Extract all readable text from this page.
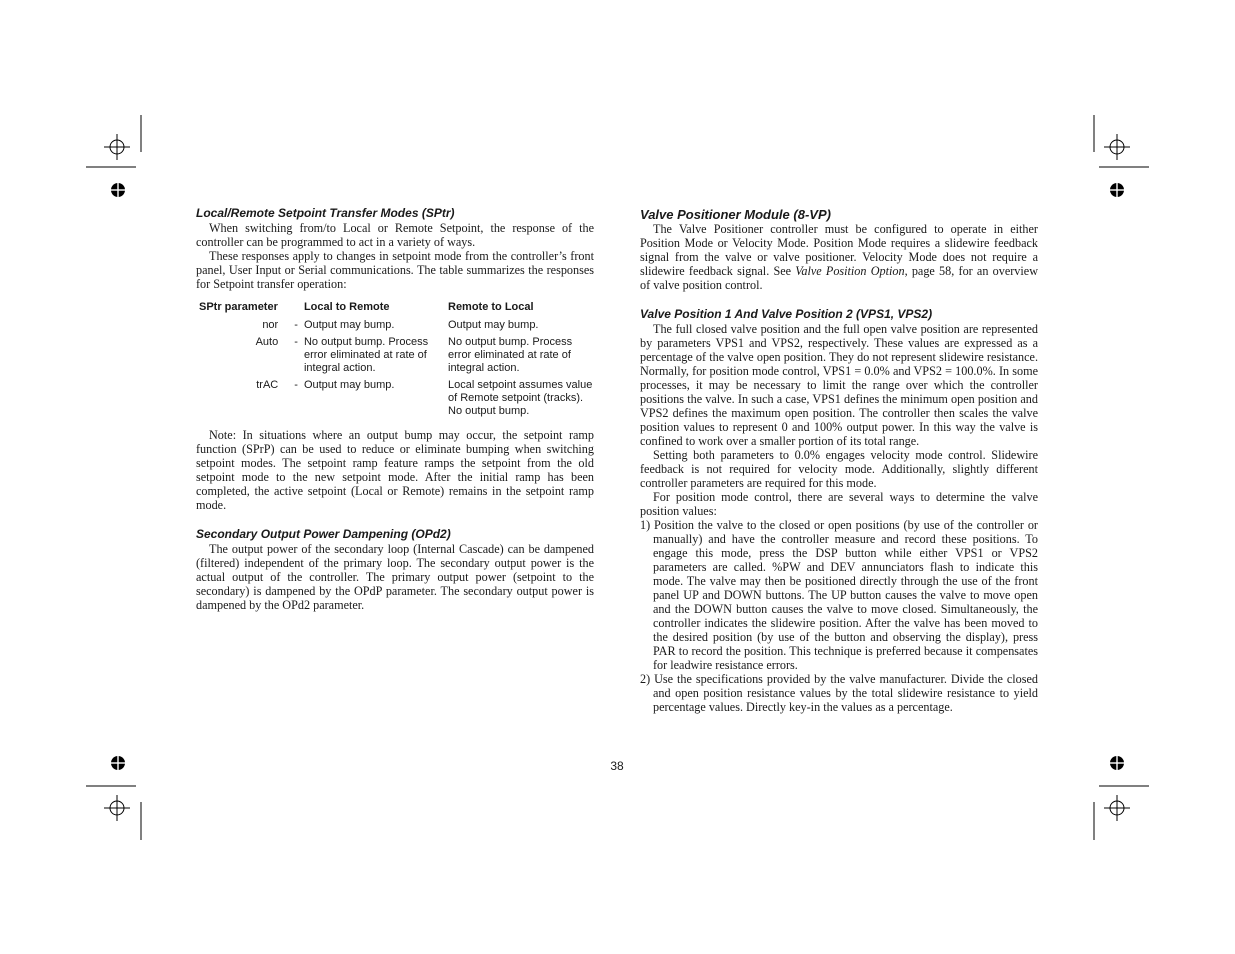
Local/Remote Setpoint Transfer Modes (SPtr)

When switching from/to Local or Remote Setpoint, the response of the controller can be programmed to act in a variety of ways.

These responses apply to changes in setpoint mode from the controller’s front panel, User Input or Serial communications. The table summarizes the responses for Setpoint transfer operation:

SPtr parameter		Local to Remote	Remote to Local
nor	-	Output may bump.	Output may bump.
Auto	-	No output bump. Process error eliminated at rate of integral action.	No output bump. Process error eliminated at rate of integral action.
trAC	-	Output may bump.	Local setpoint assumes value of Remote setpoint (tracks). No output bump.

Note: In situations where an output bump may occur, the setpoint ramp function (SPrP) can be used to reduce or eliminate bumping when switching setpoint modes. The setpoint ramp feature ramps the setpoint from the old setpoint mode to the new setpoint mode. After the initial ramp has been completed, the active setpoint (Local or Remote) remains in the setpoint ramp mode.

Secondary Output Power Dampening (OPd2)

The output power of the secondary loop (Internal Cascade) can be dampened (filtered) independent of the primary loop. The secondary output power is the actual output of the controller. The primary output power (setpoint to the secondary) is dampened by the OPdP parameter. The secondary output power is dampened by the OPd2 parameter.

Valve Positioner Module (8-VP)

The Valve Positioner controller must be configured to operate in either Position Mode or Velocity Mode. Position Mode requires a slidewire feedback signal from the valve or valve positioner. Velocity Mode does not require a slidewire feedback signal. See Valve Position Option, page 58, for an overview of valve position control.

Valve Position 1 And Valve Position 2 (VPS1, VPS2)

The full closed valve position and the full open valve position are represented by parameters VPS1 and VPS2, respectively. These values are expressed as a percentage of the valve open position. They do not represent slidewire resistance. Normally, for position mode control, VPS1 = 0.0% and VPS2 = 100.0%. In some processes, it may be necessary to limit the range over which the controller positions the valve. In such a case, VPS1 defines the minimum open position and VPS2 defines the maximum open position. The controller then scales the valve position values to represent 0 and 100% output power. In this way the valve is confined to work over a smaller portion of its total range.

Setting both parameters to 0.0% engages velocity mode control. Slidewire feedback is not required for velocity mode. Additionally, slightly different controller parameters are required for this mode.

For position mode control, there are several ways to determine the valve position values:

1) Position the valve to the closed or open positions (by use of the controller or manually) and have the controller measure and record these positions. To engage this mode, press the DSP button while either VPS1 or VPS2 parameters are called. %PW and DEV annunciators flash to indicate this mode. The valve may then be positioned directly through the use of the front panel UP and DOWN buttons. The UP button causes the valve to move open and the DOWN button causes the valve to move closed. Simultaneously, the controller indicates the slidewire position. After the valve has been moved to the desired position (by use of the button and observing the display), press PAR to record the position. This technique is preferred because it compensates for leadwire resistance errors.
2) Use the specifications provided by the valve manufacturer. Divide the closed and open position resistance values by the total slidewire resistance to yield percentage values. Directly key-in the values as a percentage.
38
